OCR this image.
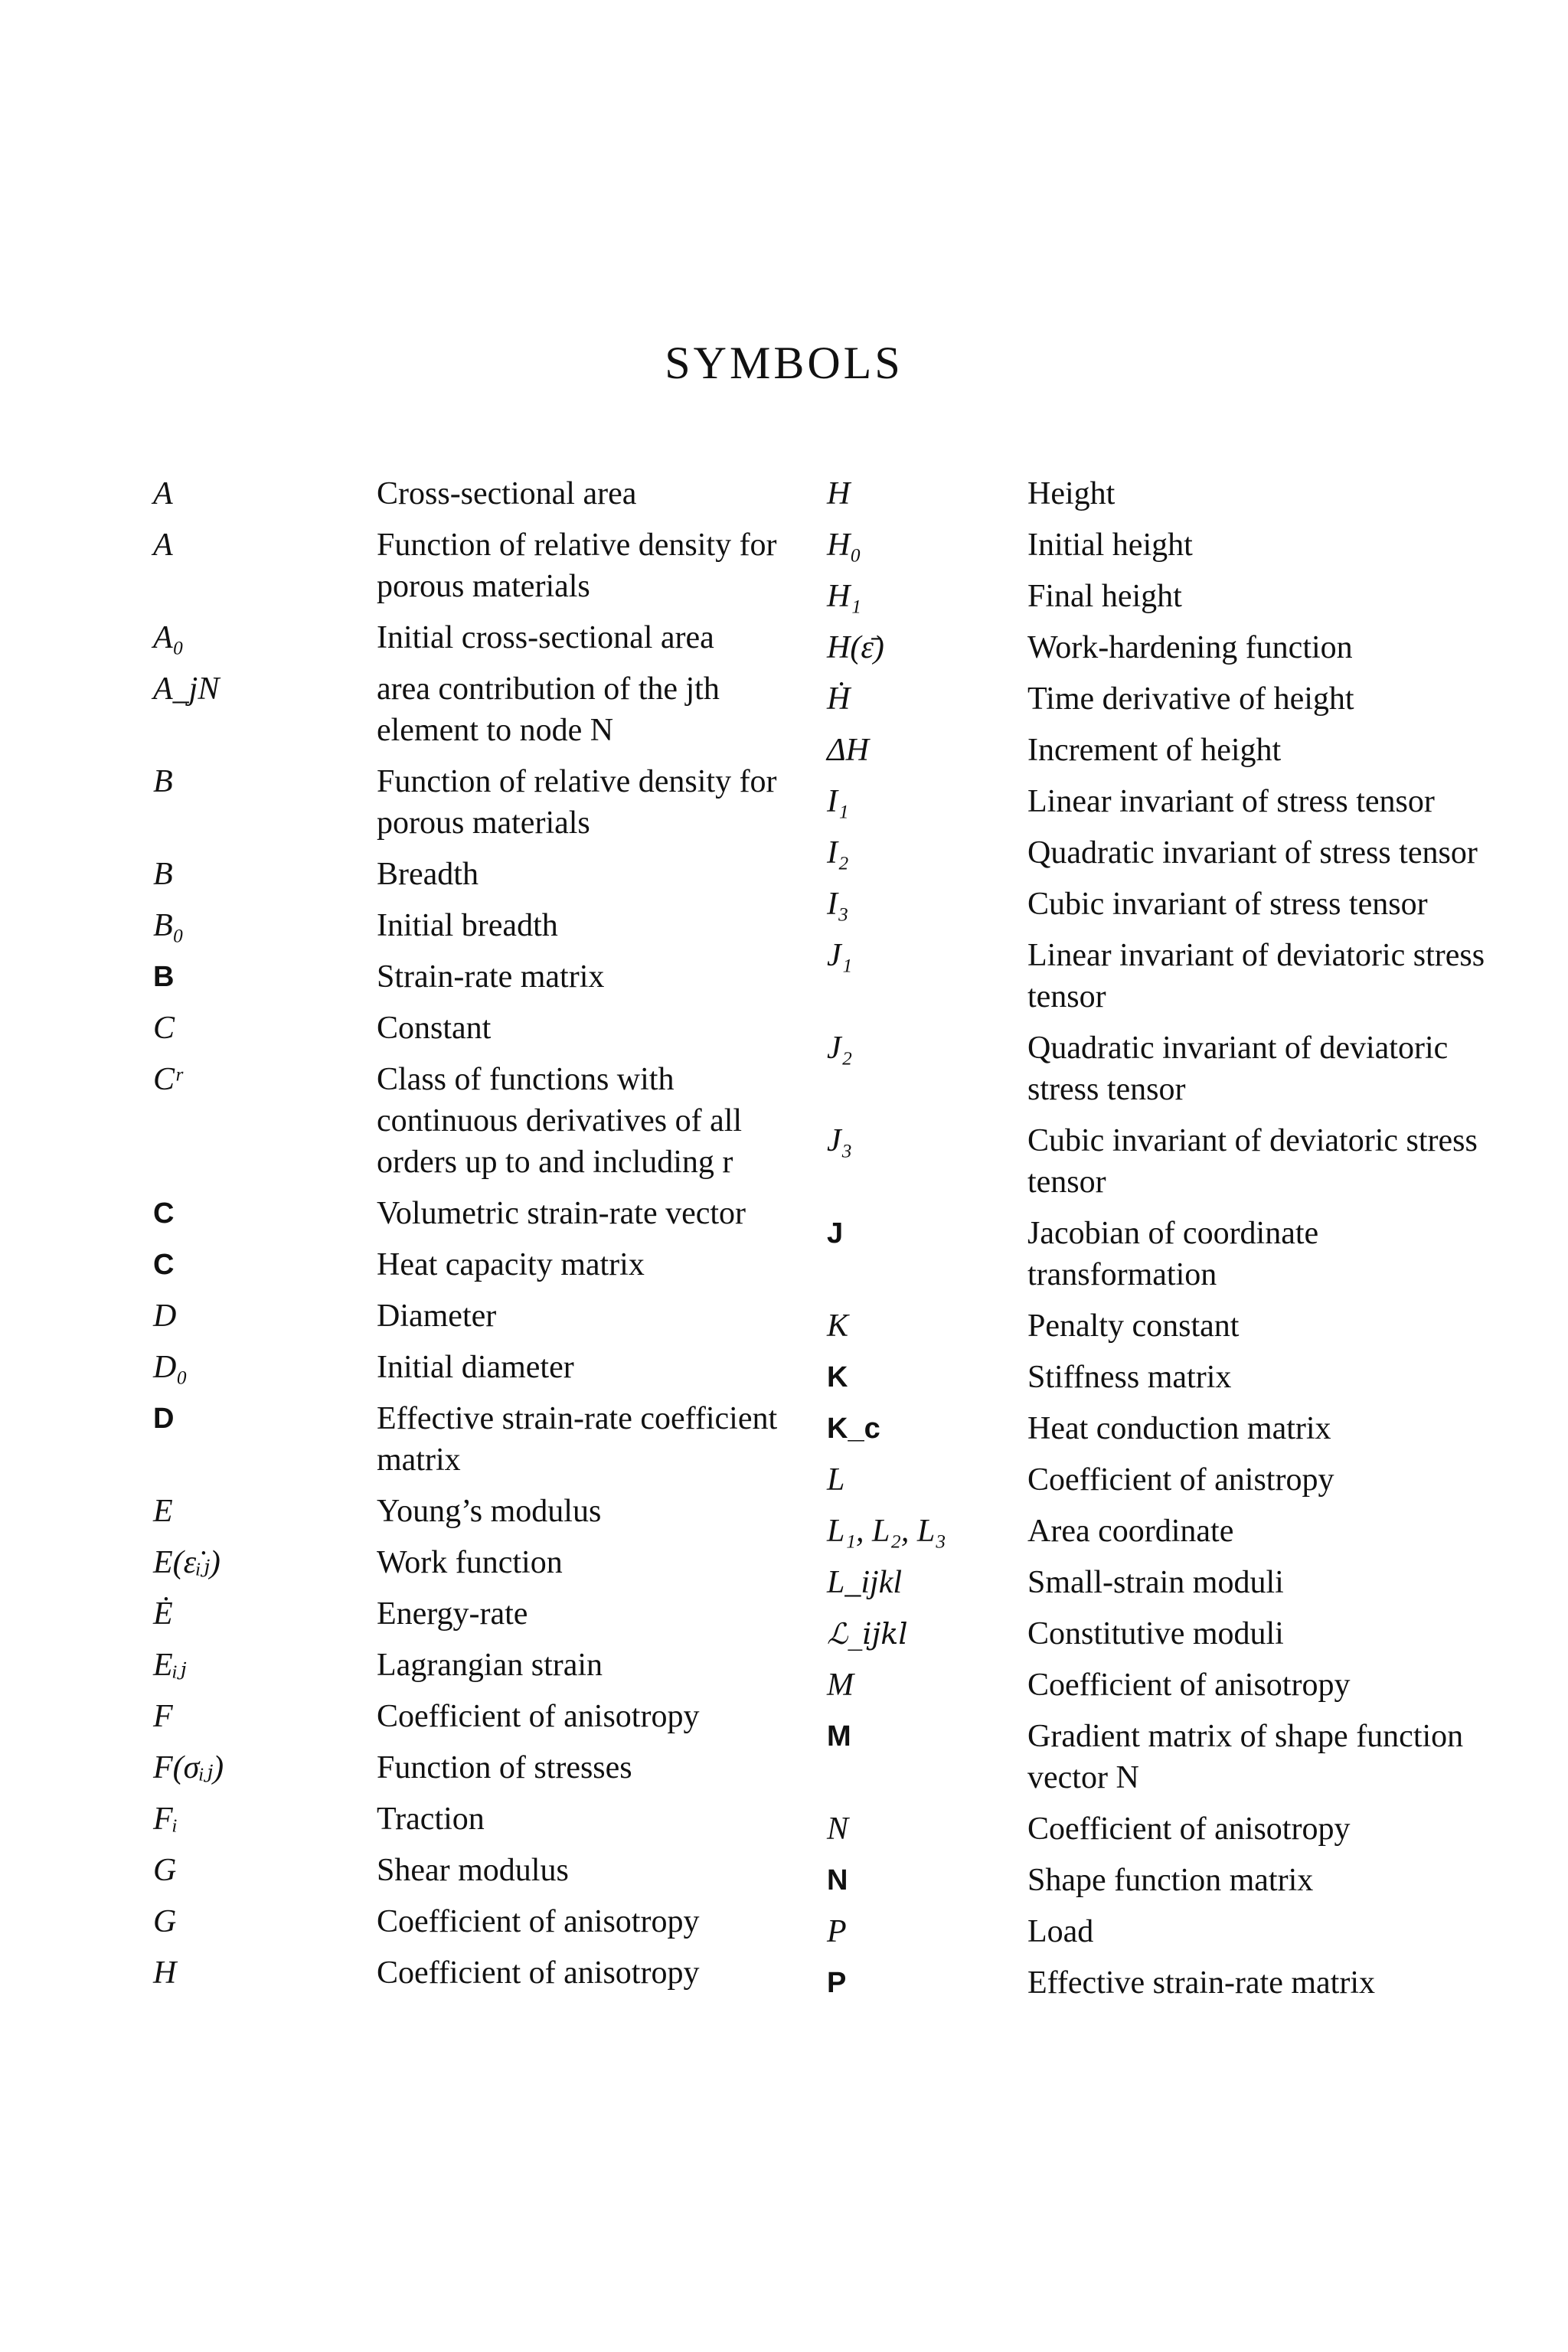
SYMBOLS
A	Cross-sectional area
A	Function of relative density for porous materials
A₀	Initial cross-sectional area
A_jN	area contribution of the jth element to node N
B	Function of relative density for porous materials
B	Breadth
B₀	Initial breadth
B	Strain-rate matrix
C	Constant
Cʳ	Class of functions with continuous derivatives of all orders up to and including r
C	Volumetric strain-rate vector
C	Heat capacity matrix
D	Diameter
D₀	Initial diameter
D	Effective strain-rate coefficient matrix
E	Young’s modulus
E(ε̇ᵢⱼ)	Work function
Ė	Energy-rate
Eᵢⱼ	Lagrangian strain
F	Coefficient of anisotropy
F(σᵢⱼ)	Function of stresses
Fᵢ	Traction
G	Shear modulus
G	Coefficient of anisotropy
H	Coefficient of anisotropy
H	Height
H₀	Initial height
H₁	Final height
H(ε̄)	Work-hardening function
Ḣ	Time derivative of height
ΔH	Increment of height
I₁	Linear invariant of stress tensor
I₂	Quadratic invariant of stress tensor
I₃	Cubic invariant of stress tensor
J₁	Linear invariant of deviatoric stress tensor
J₂	Quadratic invariant of deviatoric stress tensor
J₃	Cubic invariant of deviatoric stress tensor
J	Jacobian of coordinate transformation
K	Penalty constant
K	Stiffness matrix
K_c	Heat conduction matrix
L	Coefficient of anistropy
L₁, L₂, L₃	Area coordinate
L_ijkl	Small-strain moduli
ℒ_ijkl	Constitutive moduli
M	Coefficient of anisotropy
M	Gradient matrix of shape function vector N
N	Coefficient of anisotropy
N	Shape function matrix
P	Load
P	Effective strain-rate matrix
